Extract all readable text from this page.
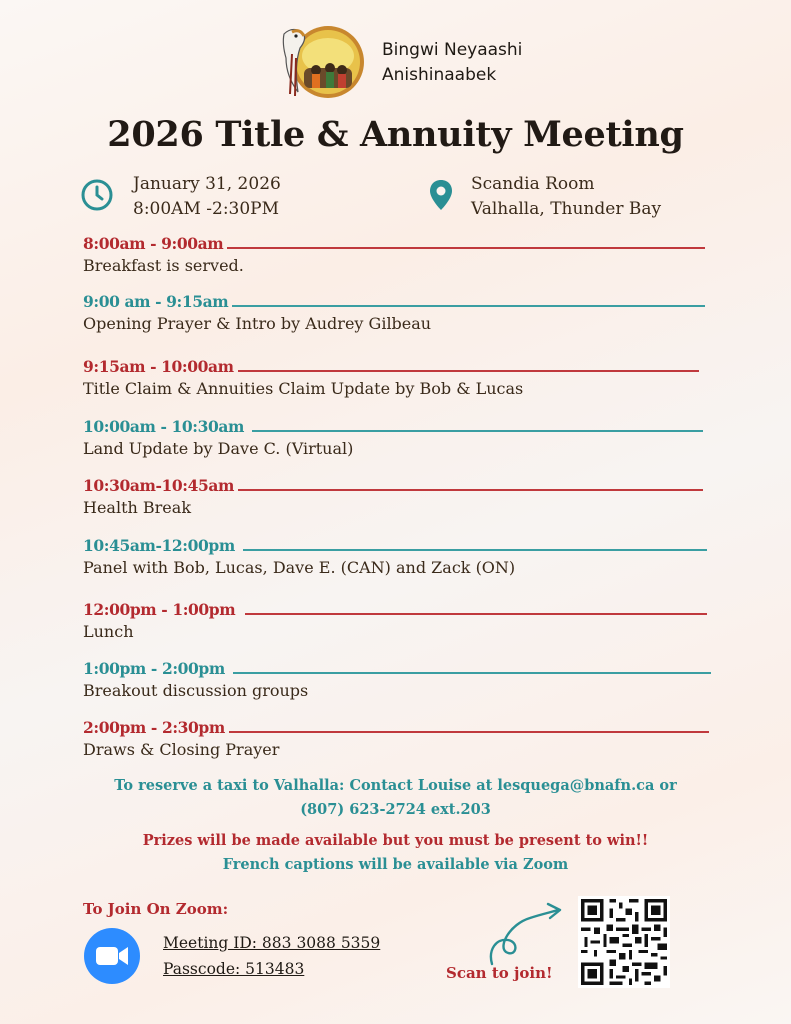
Bingwi Neyaashi
Anishinaabek
2026 Title & Annuity Meeting
January 31, 2026
8:00AM -2:30PM
Scandia Room
Valhalla, Thunder Bay
8:00am - 9:00am
Breakfast is served.
9:00 am - 9:15am
Opening Prayer & Intro by Audrey Gilbeau
9:15am - 10:00am
Title Claim & Annuities Claim Update by Bob & Lucas
10:00am - 10:30am
Land Update by Dave C. (Virtual)
10:30am-10:45am
Health Break
10:45am-12:00pm
Panel with Bob, Lucas, Dave E. (CAN) and Zack (ON)
12:00pm - 1:00pm
Lunch
1:00pm - 2:00pm
Breakout discussion groups
2:00pm - 2:30pm
Draws & Closing Prayer
To reserve a taxi to Valhalla: Contact Louise at lesquega@bnafn.ca or
(807) 623-2724 ext.203
Prizes will be made available but you must be present to win!!
French captions will be available via Zoom
To Join On Zoom:
Meeting ID: 883 3088 5359
Passcode: 513483	Scan to join!
